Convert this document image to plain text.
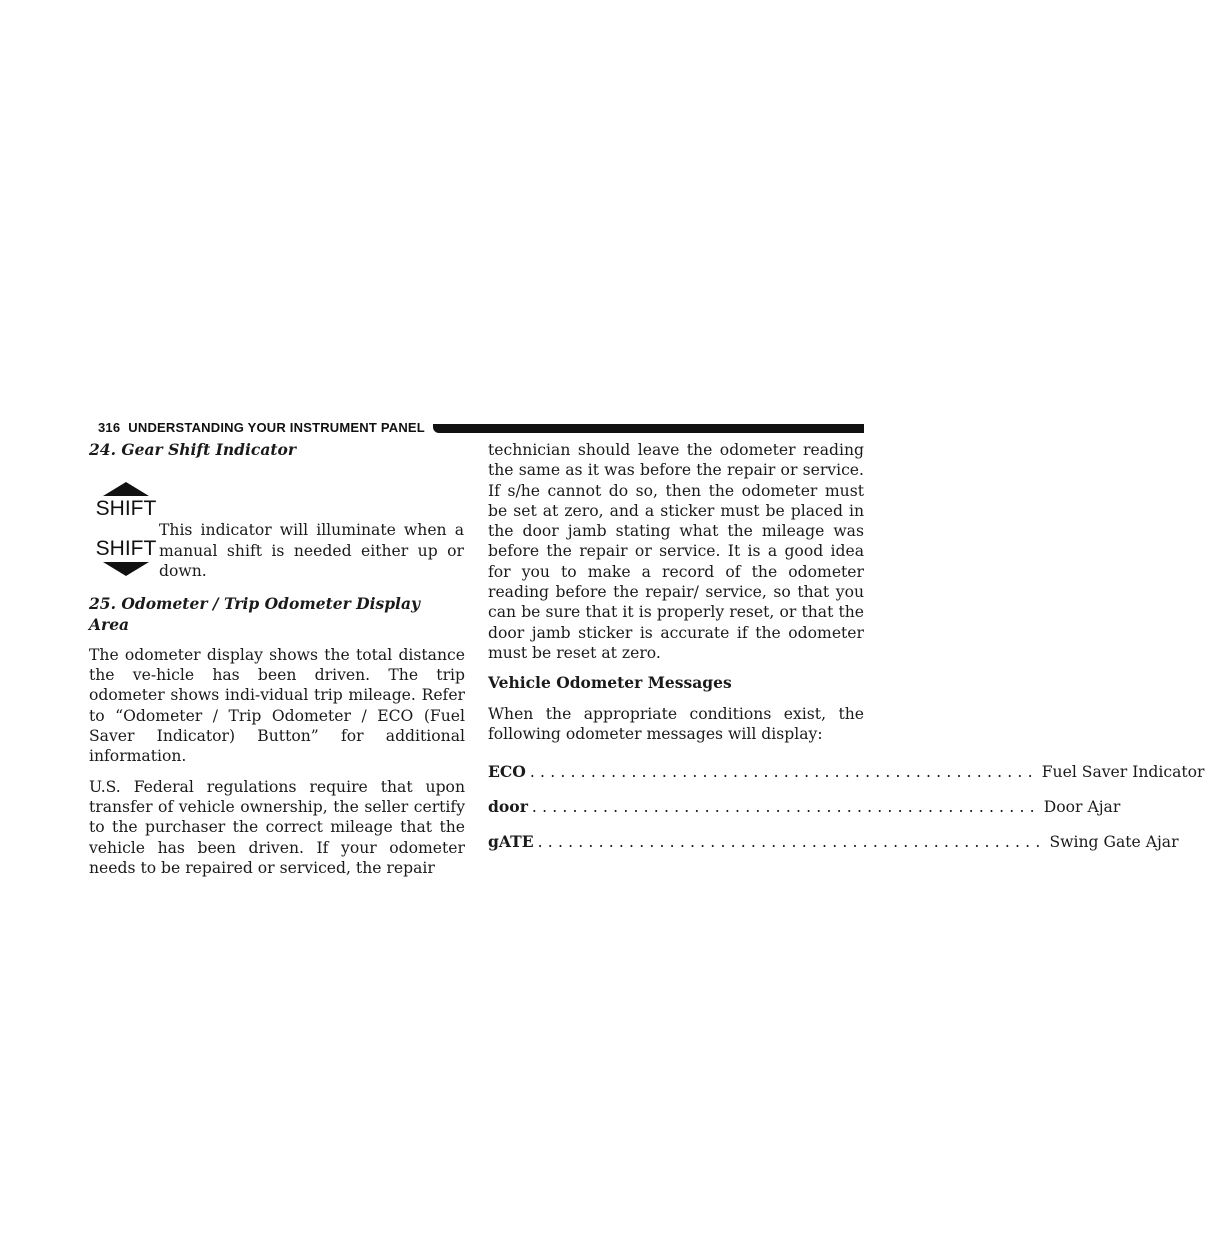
316 UNDERSTANDING YOUR INSTRUMENT PANEL

24. Gear Shift Indicator

SHIFT
This indicator will illuminate when a manual shift is needed either up or down.
SHIFT

25. Odometer / Trip Odometer Display Area

The odometer display shows the total distance the ve-hicle has been driven. The trip odometer shows indi-vidual trip mileage. Refer to “Odometer / Trip Odometer / ECO (Fuel Saver Indicator) Button” for additional information.

U.S. Federal regulations require that upon transfer of vehicle ownership, the seller certify to the purchaser the correct mileage that the vehicle has been driven. If your odometer needs to be repaired or serviced, the repair

technician should leave the odometer reading the same as it was before the repair or service. If s/he cannot do so, then the odometer must be set at zero, and a sticker must be placed in the door jamb stating what the mileage was before the repair or service. It is a good idea for you to make a record of the odometer reading before the repair/ service, so that you can be sure that it is properly reset, or that the door jamb sticker is accurate if the odometer must be reset at zero.

Vehicle Odometer Messages

When the appropriate conditions exist, the following odometer messages will display:

ECO .................................................. Fuel Saver Indicator
door .................................................. Door Ajar
gATE .................................................. Swing Gate Ajar
